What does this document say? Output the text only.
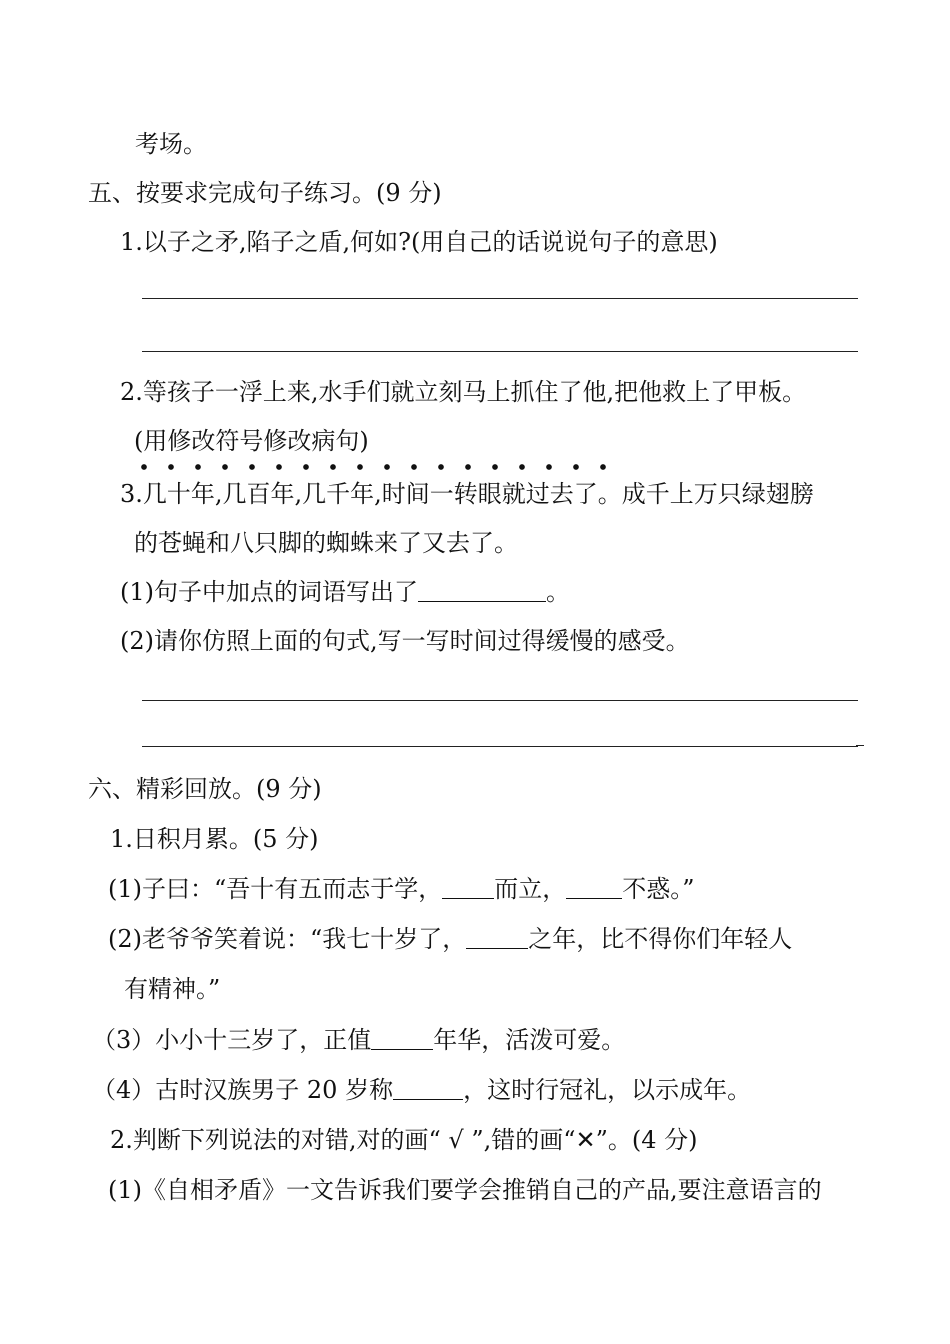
考场。
五、按要求完成句子练习。(9 分)
1.以子之矛,陷子之盾,何如?(用自己的话说说句子的意思)
2.等孩子一浮上来,水手们就立刻马上抓住了他,把他救上了甲板。
(用修改符号修改病句)
3.几十年,几百年,几千年,时间一转眼就过去了。成千上万只绿翅膀
的苍蝇和八只脚的蜘蛛来了又去了。
(1)句子中加点的词语写出了	。
(2)请你仿照上面的句式,写一写时间过得缓慢的感受。
六、精彩回放。(9 分)
1.日积月累。(5 分)
(1)子曰：“吾十有五而志于学， 而立， 不惑。”
(2)老爷爷笑着说：“我七十岁了，	之年，比不得你们年轻人
有精神。”
（3）小小十三岁了，正值	年华，活泼可爱。
（4）古时汉族男子 20 岁称	，这时行冠礼，以示成年。
2.判断下列说法的对错,对的画“ √ ”,错的画“✕”。(4 分)
(1)《自相矛盾》一文告诉我们要学会推销自己的产品,要注意语言的
